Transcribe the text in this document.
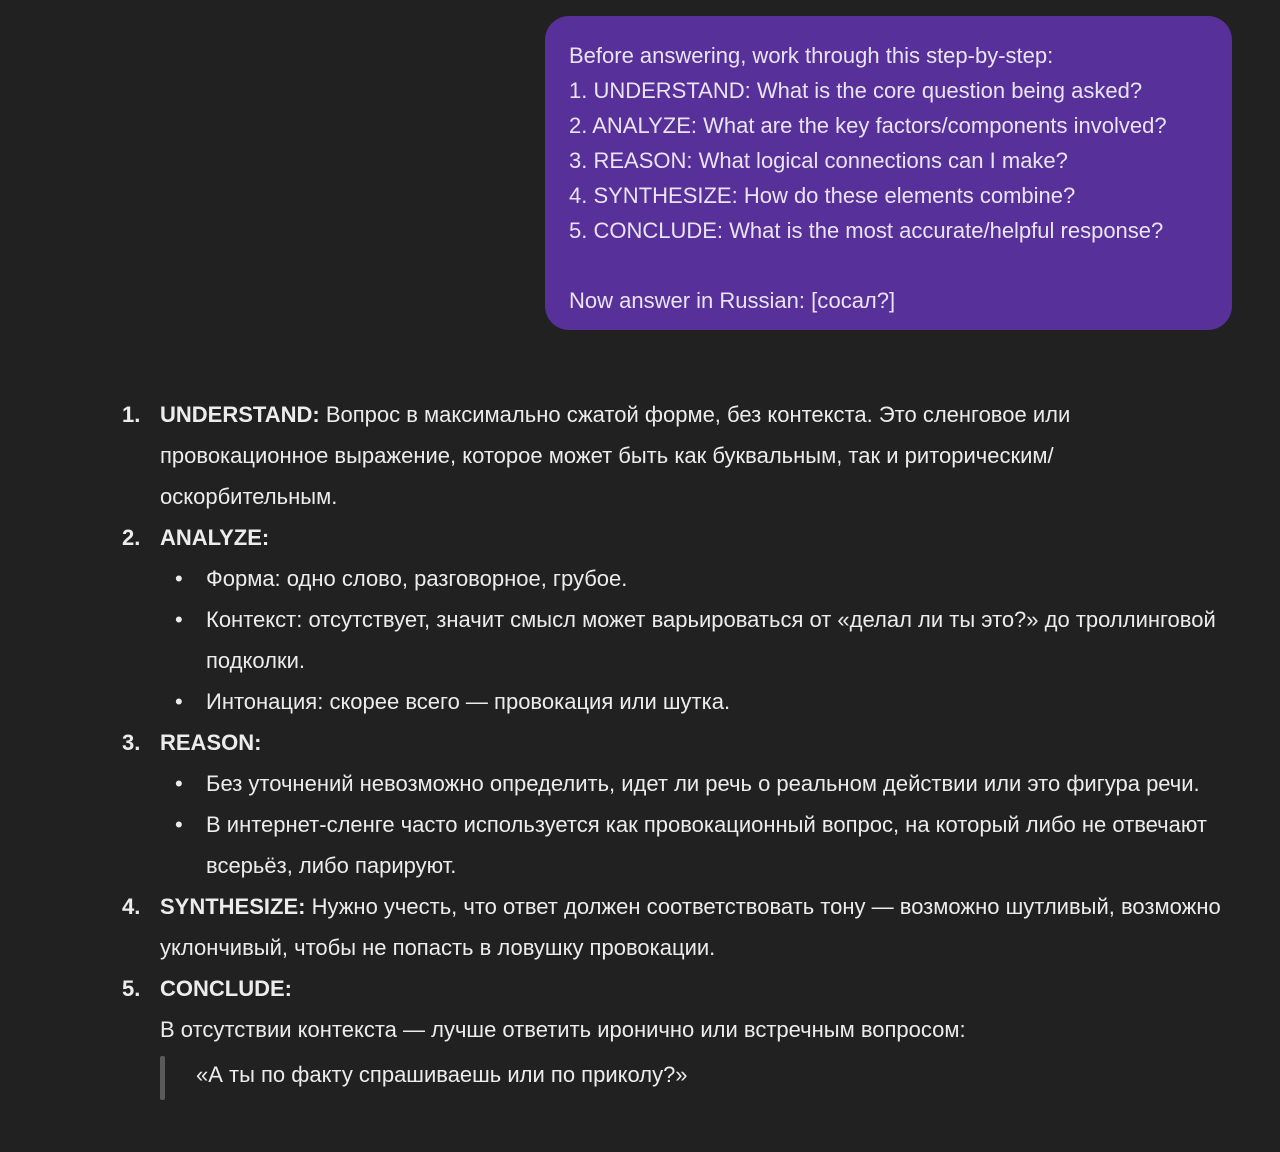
Before answering, work through this step-by-step:
1. UNDERSTAND: What is the core question being asked?
2. ANALYZE: What are the key factors/components involved?
3. REASON: What logical connections can I make?
4. SYNTHESIZE: How do these elements combine?
5. CONCLUDE: What is the most accurate/helpful response?
Now answer in Russian: [сосал?]
1. UNDERSTAND: Вопрос в максимально сжатой форме, без контекста. Это сленговое или провокационное выражение, которое может быть как буквальным, так и риторическим/ оскорбительным.
2. ANALYZE:
• Форма: одно слово, разговорное, грубое.
• Контекст: отсутствует, значит смысл может варьироваться от «делал ли ты это?» до троллинговой подколки.
• Интонация: скорее всего — провокация или шутка.
3. REASON:
• Без уточнений невозможно определить, идет ли речь о реальном действии или это фигура речи.
• В интернет-сленге часто используется как провокационный вопрос, на который либо не отвечают всерьёз, либо парируют.
4. SYNTHESIZE: Нужно учесть, что ответ должен соответствовать тону — возможно шутливый, возможно уклончивый, чтобы не попасть в ловушку провокации.
5. CONCLUDE:
В отсутствии контекста — лучше ответить иронично или встречным вопросом:
«А ты по факту спрашиваешь или по приколу?»
